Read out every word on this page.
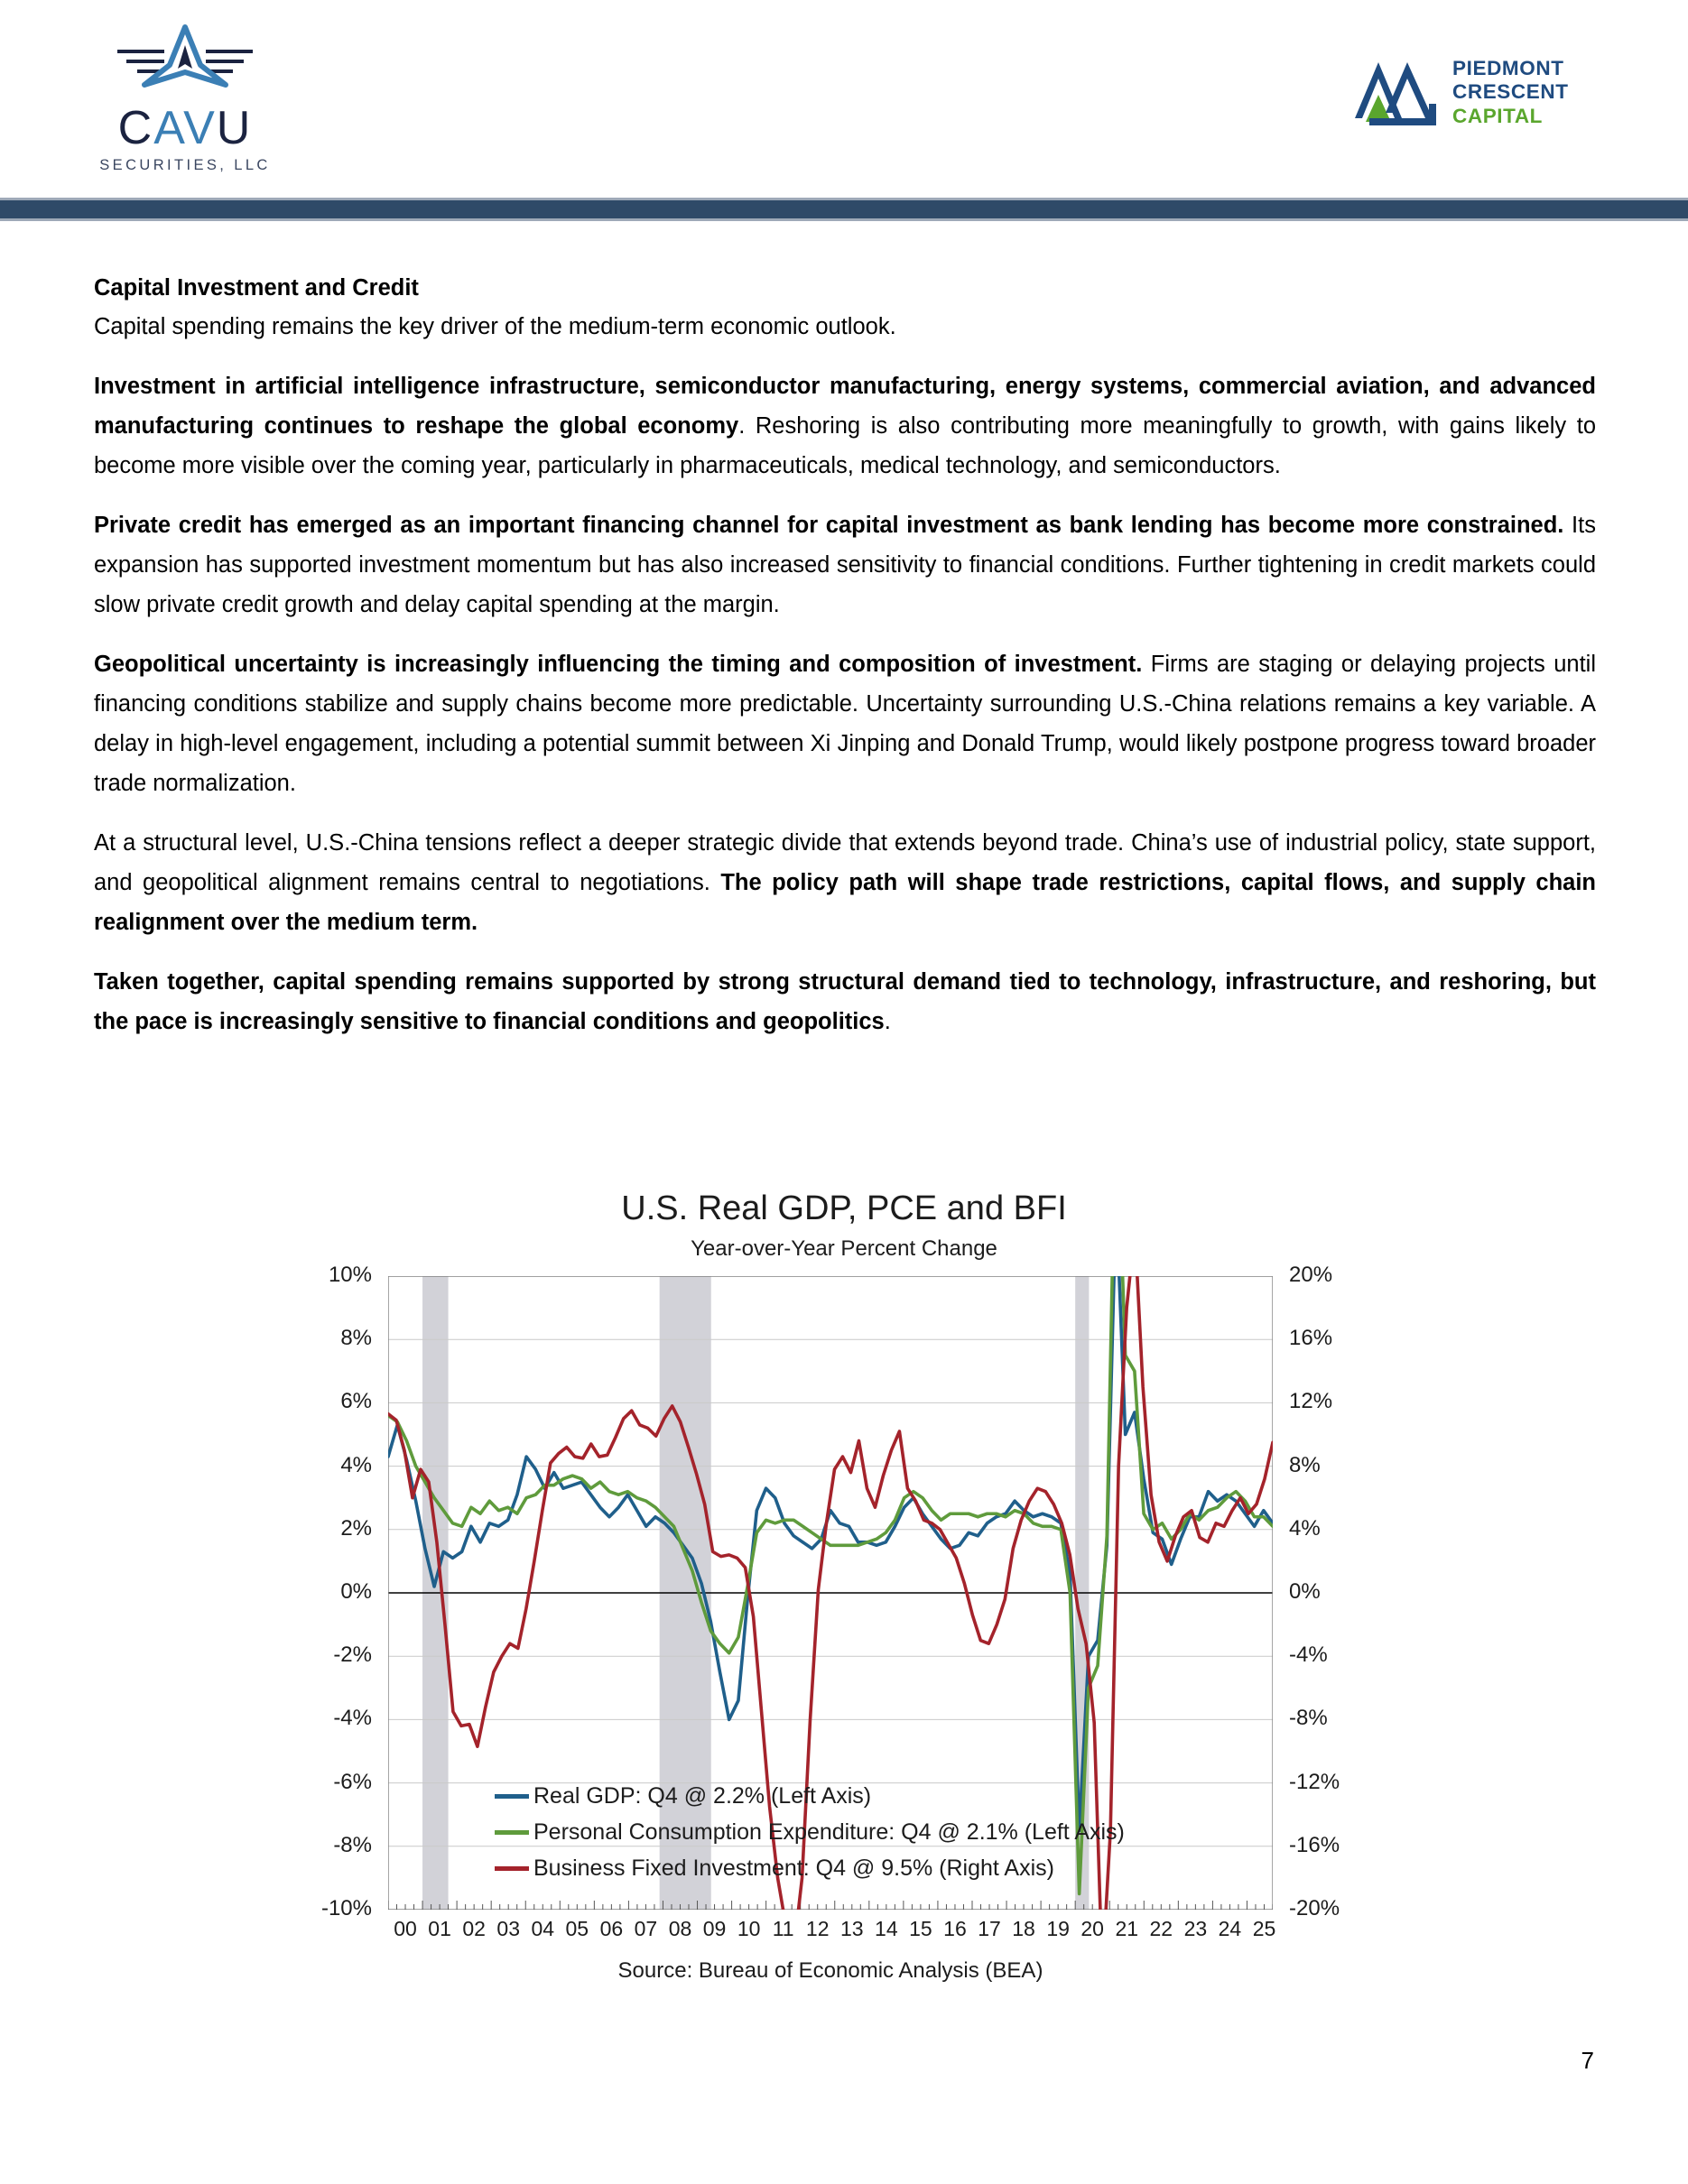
CAVU
SECURITIES, LLC
PIEDMONT
CRESCENT
CAPITAL
Capital Investment and Credit

Capital spending remains the key driver of the medium-term economic outlook.

Investment in artificial intelligence infrastructure, semiconductor manufacturing, energy systems, commercial aviation, and advanced manufacturing continues to reshape the global economy. Reshoring is also contributing more meaningfully to growth, with gains likely to become more visible over the coming year, particularly in pharmaceuticals, medical technology, and semiconductors.

Private credit has emerged as an important financing channel for capital investment as bank lending has become more constrained. Its expansion has supported investment momentum but has also increased sensitivity to financial conditions. Further tightening in credit markets could slow private credit growth and delay capital spending at the margin.

Geopolitical uncertainty is increasingly influencing the timing and composition of investment. Firms are staging or delaying projects until financing conditions stabilize and supply chains become more predictable. Uncertainty surrounding U.S.-China relations remains a key variable. A delay in high-level engagement, including a potential summit between Xi Jinping and Donald Trump, would likely postpone progress toward broader trade normalization.

At a structural level, U.S.-China tensions reflect a deeper strategic divide that extends beyond trade. China’s use of industrial policy, state support, and geopolitical alignment remains central to negotiations. The policy path will shape trade restrictions, capital flows, and supply chain realignment over the medium term.

Taken together, capital spending remains supported by strong structural demand tied to technology, infrastructure, and reshoring, but the pace is increasingly sensitive to financial conditions and geopolitics.

U.S. Real GDP, PCE and BFI
Year-over-Year Percent Change
00 01 02 03 04 05 06 07 08 09 10 11 12 13 14 15 16 17 18 19 20 21 22 23 24 25
Real GDP: Q4 @ 2.2% (Left Axis)
Personal Consumption Expenditure: Q4 @ 2.1% (Left Axis)
Business Fixed Investment: Q4 @ 9.5% (Right Axis)
Source: Bureau of Economic Analysis (BEA)
10%
8%
6%
4%
2%
0%
-2%
-4%
-6%
-8%
-10%
20%
16%
12%
8%
4%
0%
-4%
-8%
-12%
-16%
-20%
7
